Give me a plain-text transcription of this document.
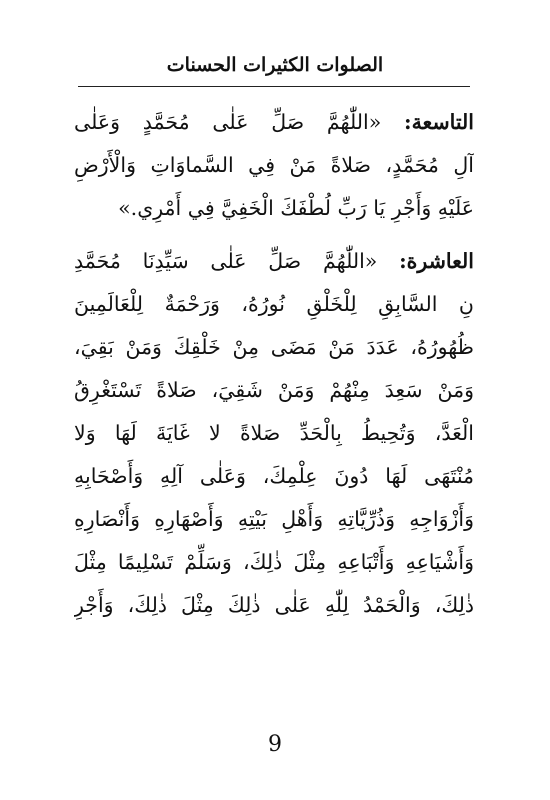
الصلوات الكثيرات الحسنات
التاسعة: «اللّٰهُمَّ صَلِّ عَلٰى مُحَمَّدٍ وَعَلٰى
آلِ مُحَمَّدٍ، صَلاةً مَنْ فِي السَّماوَاتِ وَالْأَرْضِ
عَلَيْهِ وَأَجْرِ يَا رَبِّ لُطْفَكَ الْخَفِيَّ فِي أَمْرِي.»
العاشرة: «اللّٰهُمَّ صَلِّ عَلٰى سَيِّدِنَا مُحَمَّدِ
نِ السَّابِقِ لِلْخَلْقِ نُورُهُ، وَرَحْمَةٌ لِلْعَالَمِينَ
ظُهُورُهُ، عَدَدَ مَنْ مَضَى مِنْ خَلْقِكَ وَمَنْ بَقِيَ،
وَمَنْ سَعِدَ مِنْهُمْ وَمَنْ شَقِيَ، صَلاةً تَسْتَغْرِقُ
الْعَدَّ، وَتُحِيطُ بِالْحَدِّ صَلاةً لا غَايَةَ لَهَا وَلا
مُنْتَهَى لَهَا دُونَ عِلْمِكَ، وَعَلٰى آلِهِ وَأَصْحَابِهِ
وَأَزْوَاجِهِ وَذُرِّيَّاتِهِ وَأَهْلِ بَيْتِهِ وَأَصْهَارِهِ وَأَنْصَارِهِ
وَأَشْيَاعِهِ وَأَتْبَاعِهِ مِثْلَ ذٰلِكَ، وَسَلِّمْ تَسْلِيمًا مِثْلَ
ذٰلِكَ، وَالْحَمْدُ لِلّٰهِ عَلٰى ذٰلِكَ مِثْلَ ذٰلِكَ، وَأَجْرِ
9
